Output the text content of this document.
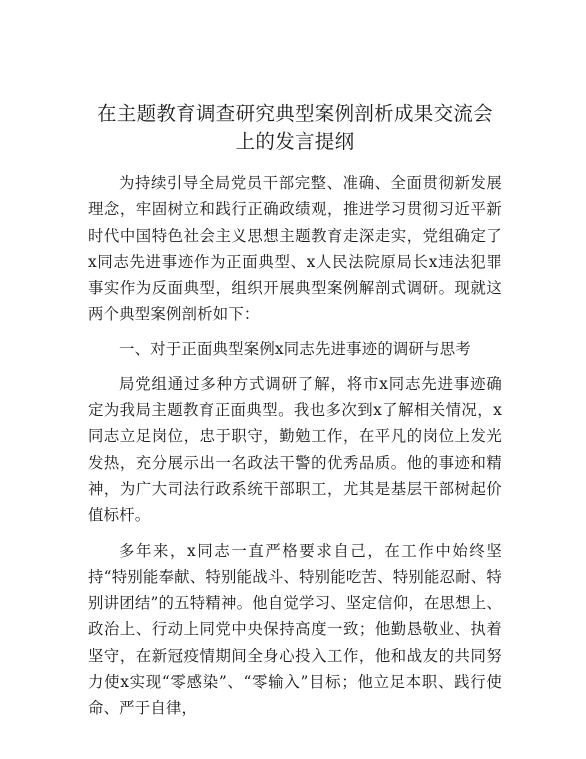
在主题教育调查研究典型案例剖析成果交流会
上的发言提纲

为持续引导全局党员干部完整、准确、全面贯彻新发展理念，牢固树立和践行正确政绩观，推进学习贯彻习近平新时代中国特色社会主义思想主题教育走深走实，党组确定了x同志先进事迹作为正面典型、x人民法院原局长x违法犯罪事实作为反面典型，组织开展典型案例解剖式调研。现就这两个典型案例剖析如下：

一、对于正面典型案例x同志先进事迹的调研与思考

局党组通过多种方式调研了解，将市x同志先进事迹确定为我局主题教育正面典型。我也多次到x了解相关情况，x同志立足岗位，忠于职守，勤勉工作，在平凡的岗位上发光发热，充分展示出一名政法干警的优秀品质。他的事迹和精神，为广大司法行政系统干部职工，尤其是基层干部树起价值标杆。

多年来，x同志一直严格要求自己，在工作中始终坚持“特别能奉献、特别能战斗、特别能吃苦、特别能忍耐、特别讲团结”的五特精神。他自觉学习、坚定信仰，在思想上、政治上、行动上同党中央保持高度一致；他勤恳敬业、执着坚守，在新冠疫情期间全身心投入工作，他和战友的共同努力使x实现“零感染”、“零输入”目标；他立足本职、践行使命、严于自律，
